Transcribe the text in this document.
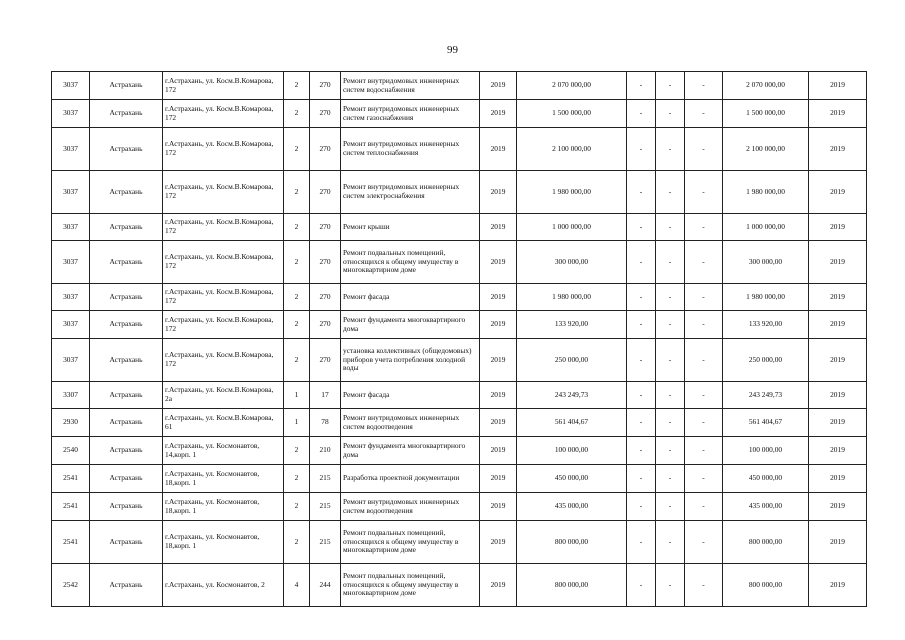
99
3037	Астрахань	г.Астрахань, ул. Косм.В.Комарова, 172	2	270	Ремонт внутридомовых инженерных систем водоснабжения	2019	2 070 000,00	-	-	-	2 070 000,00	2019
3037	Астрахань	г.Астрахань, ул. Косм.В.Комарова, 172	2	270	Ремонт внутридомовых инженерных систем газоснабжения	2019	1 500 000,00	-	-	-	1 500 000,00	2019
3037	Астрахань	г.Астрахань, ул. Косм.В.Комарова, 172	2	270	Ремонт внутридомовых инженерных систем теплоснабжения	2019	2 100 000,00	-	-	-	2 100 000,00	2019
3037	Астрахань	г.Астрахань, ул. Косм.В.Комарова, 172	2	270	Ремонт внутридомовых инженерных систем электроснабжения	2019	1 980 000,00	-	-	-	1 980 000,00	2019
3037	Астрахань	г.Астрахань, ул. Косм.В.Комарова, 172	2	270	Ремонт крыши	2019	1 000 000,00	-	-	-	1 000 000,00	2019
3037	Астрахань	г.Астрахань, ул. Косм.В.Комарова, 172	2	270	Ремонт подвальных помещений, относящихся к общему имуществу в многоквартирном доме	2019	300 000,00	-	-	-	300 000,00	2019
3037	Астрахань	г.Астрахань, ул. Косм.В.Комарова, 172	2	270	Ремонт фасада	2019	1 980 000,00	-	-	-	1 980 000,00	2019
3037	Астрахань	г.Астрахань, ул. Косм.В.Комарова, 172	2	270	Ремонт фундамента многоквартирного дома	2019	133 920,00	-	-	-	133 920,00	2019
3037	Астрахань	г.Астрахань, ул. Косм.В.Комарова, 172	2	270	установка коллективных (общедомовых) приборов учета потребления холодной воды	2019	250 000,00	-	-	-	250 000,00	2019
3307	Астрахань	г.Астрахань, ул. Косм.В.Комарова, 2а	1	17	Ремонт фасада	2019	243 249,73	-	-	-	243 249,73	2019
2930	Астрахань	г.Астрахань, ул. Косм.В.Комарова, 61	1	78	Ремонт внутридомовых инженерных систем водоотведения	2019	561 404,67	-	-	-	561 404,67	2019
2540	Астрахань	г.Астрахань, ул. Космонавтов, 14,корп. 1	2	210	Ремонт фундамента многоквартирного дома	2019	100 000,00	-	-	-	100 000,00	2019
2541	Астрахань	г.Астрахань, ул. Космонавтов, 18,корп. 1	2	215	Разработка проектной документации	2019	450 000,00	-	-	-	450 000,00	2019
2541	Астрахань	г.Астрахань, ул. Космонавтов, 18,корп. 1	2	215	Ремонт внутридомовых инженерных систем водоотведения	2019	435 000,00	-	-	-	435 000,00	2019
2541	Астрахань	г.Астрахань, ул. Космонавтов, 18,корп. 1	2	215	Ремонт подвальных помещений, относящихся к общему имуществу в многоквартирном доме	2019	800 000,00	-	-	-	800 000,00	2019
2542	Астрахань	г.Астрахань, ул. Космонавтов, 2	4	244	Ремонт подвальных помещений, относящихся к общему имуществу в многоквартирном доме	2019	800 000,00	-	-	-	800 000,00	2019
